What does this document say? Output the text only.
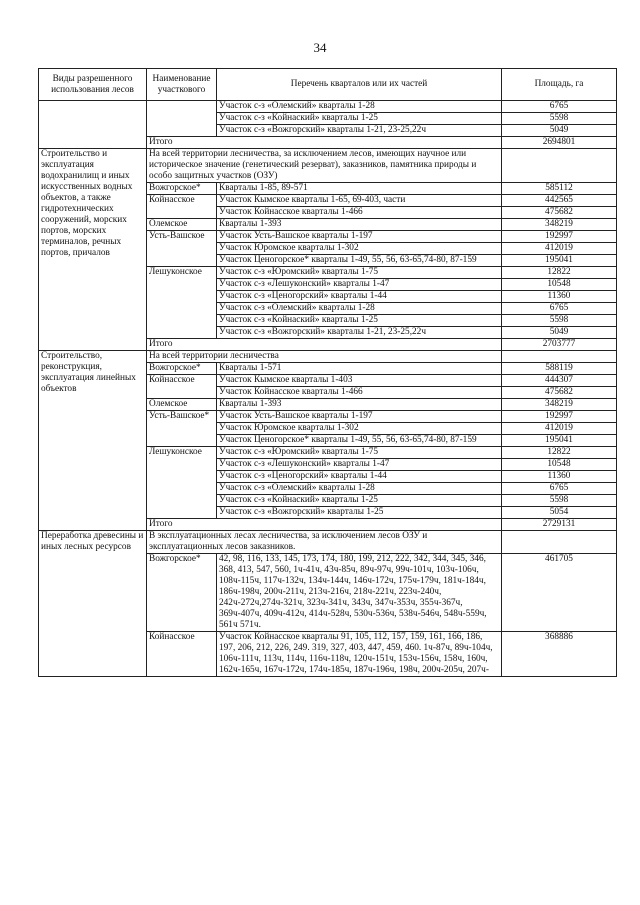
34
Виды разрешенного использования лесов	Наименование участкового	Перечень кварталов или их частей	Площадь, га
		Участок с-з «Олемский» кварталы 1-28	6765
		Участок с-з «Койнаский» кварталы 1-25	5598
		Участок с-з «Вожгорский» кварталы 1-21, 23-25,22ч	5049
	Итого		2694801
Строительство и эксплуатация водохранилищ и иных искусственных водных объектов, а также гидротехнических сооружений, морских портов, морских терминалов, речных портов, причалов	На всей территории лесничества, за исключением лесов, имеющих научное или историческое значение (генетический резерват), заказников, памятника природы и особо защитных участков (ОЗУ)		
	Вожгорское*	Кварталы 1-85, 89-571	585112
	Койнасское	Участок Кымское кварталы 1-65, 69-403, части	442565
		Участок Койнасское кварталы 1-466	475682
	Олемское	Кварталы 1-393	348219
	Усть-Вашское	Участок Усть-Вашское кварталы 1-197	192997
		Участок Юромское кварталы 1-302	412019
		Участок Ценогорское* кварталы 1-49, 55, 56, 63-65,74-80, 87-159	195041
	Лешуконское	Участок с-з «Юромский» кварталы 1-75	12822
		Участок с-з «Лешуконский» кварталы 1-47	10548
		Участок с-з «Ценогорский» кварталы 1-44	11360
		Участок с-з «Олемский» кварталы 1-28	6765
		Участок с-з «Койнаский» кварталы 1-25	5598
		Участок с-з «Вожгорский» кварталы 1-21, 23-25,22ч	5049
	Итого		2703777
Строительство, реконструкция, эксплуатация линейных объектов	На всей территории лесничества		
	Вожгорское*	Кварталы 1-571	588119
	Койнасское	Участок Кымское кварталы 1-403	444307
		Участок Койнасское кварталы 1-466	475682
	Олемское	Кварталы 1-393	348219
	Усть-Вашское*	Участок Усть-Вашское кварталы 1-197	192997
		Участок Юромское кварталы 1-302	412019
		Участок Ценогорское* кварталы 1-49, 55, 56, 63-65,74-80, 87-159	195041
	Лешуконское	Участок с-з «Юромский» кварталы 1-75	12822
		Участок с-з «Лешуконский» кварталы 1-47	10548
		Участок с-з «Ценогорский» кварталы 1-44	11360
		Участок с-з «Олемский» кварталы 1-28	6765
		Участок с-з «Койнаский» кварталы 1-25	5598
		Участок с-з «Вожгорский» кварталы 1-25	5054
	Итого		2729131
Переработка древесины и иных лесных ресурсов	В эксплуатационных лесах лесничества, за исключением лесов ОЗУ и эксплуатационных лесов заказников.		
	Вожгорское*	42, 98, 116, 133, 145, 173, 174, 180, 199, 212, 222, 342, 344, 345, 346, 368, 413, 547, 560, 1ч-41ч, 43ч-85ч, 89ч-97ч, 99ч-101ч, 103ч-106ч, 108ч-115ч, 117ч-132ч, 134ч-144ч, 146ч-172ч, 175ч-179ч, 181ч-184ч, 186ч-198ч, 200ч-211ч, 213ч-216ч, 218ч-221ч, 223ч-240ч, 242ч-272ч,274ч-321ч, 323ч-341ч, 343ч, 347ч-353ч, 355ч-367ч, 369ч-407ч, 409ч-412ч, 414ч-528ч, 530ч-536ч, 538ч-546ч, 548ч-559ч, 561ч 571ч.	461705
	Койнасское	Участок Койнасское кварталы 91, 105, 112, 157, 159, 161, 166, 186, 197, 206, 212, 226, 249. 319, 327, 403, 447, 459, 460. 1ч-87ч, 89ч-104ч, 106ч-111ч, 113ч, 114ч, 116ч-118ч, 120ч-151ч, 153ч-156ч, 158ч, 160ч, 162ч-165ч, 167ч-172ч, 174ч-185ч, 187ч-196ч, 198ч, 200ч-205ч, 207ч-	368886
